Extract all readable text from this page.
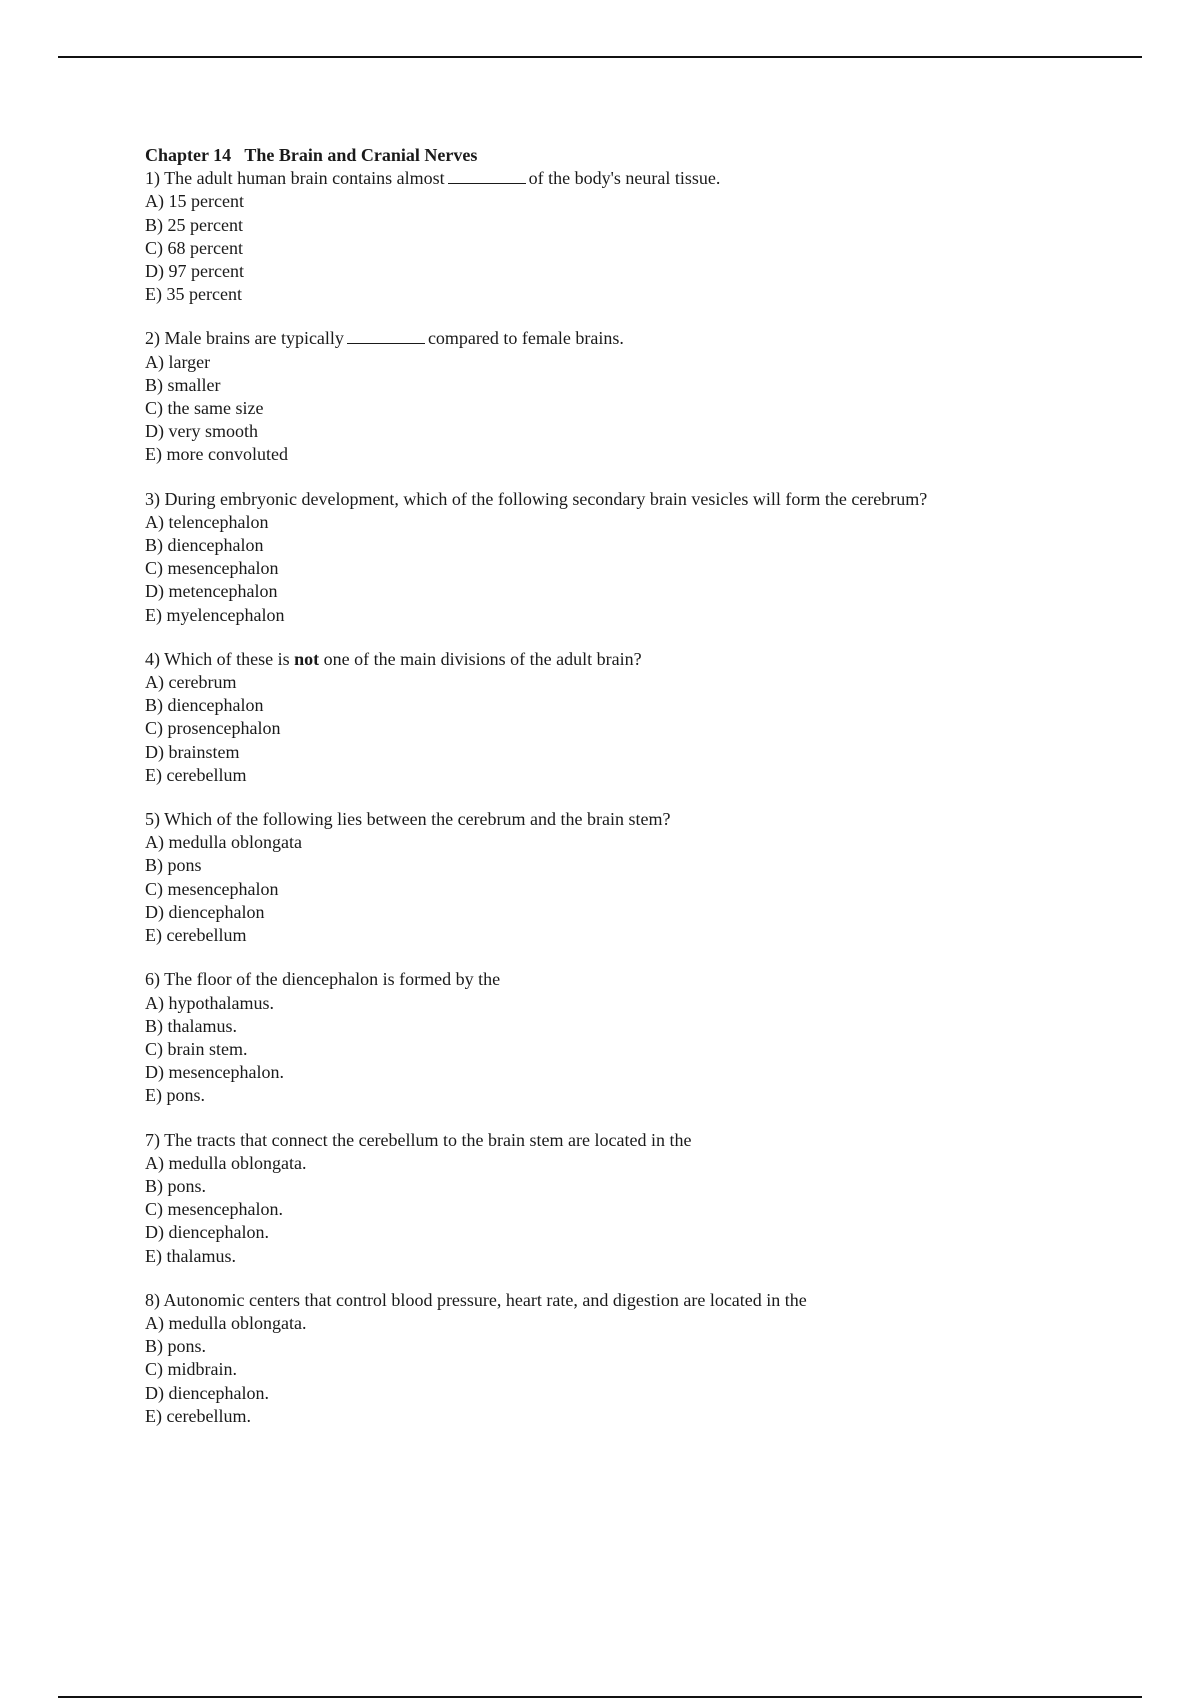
Chapter 14   The Brain and Cranial Nerves
1) The adult human brain contains almost	of the body's neural tissue.
A) 15 percent
B) 25 percent
C) 68 percent
D) 97 percent
E) 35 percent
2) Male brains are typically	compared to female brains.
A) larger
B) smaller
C) the same size
D) very smooth
E) more convoluted
3) During embryonic development, which of the following secondary brain vesicles will form the cerebrum?
A) telencephalon
B) diencephalon
C) mesencephalon
D) metencephalon
E) myelencephalon
4) Which of these is not one of the main divisions of the adult brain?
A) cerebrum
B) diencephalon
C) prosencephalon
D) brainstem
E) cerebellum
5) Which of the following lies between the cerebrum and the brain stem?
A) medulla oblongata
B) pons
C) mesencephalon
D) diencephalon
E) cerebellum
6) The floor of the diencephalon is formed by the
A) hypothalamus.
B) thalamus.
C) brain stem.
D) mesencephalon.
E) pons.
7) The tracts that connect the cerebellum to the brain stem are located in the
A) medulla oblongata.
B) pons.
C) mesencephalon.
D) diencephalon.
E) thalamus.
8) Autonomic centers that control blood pressure, heart rate, and digestion are located in the
A) medulla oblongata.
B) pons.
C) midbrain.
D) diencephalon.
E) cerebellum.
